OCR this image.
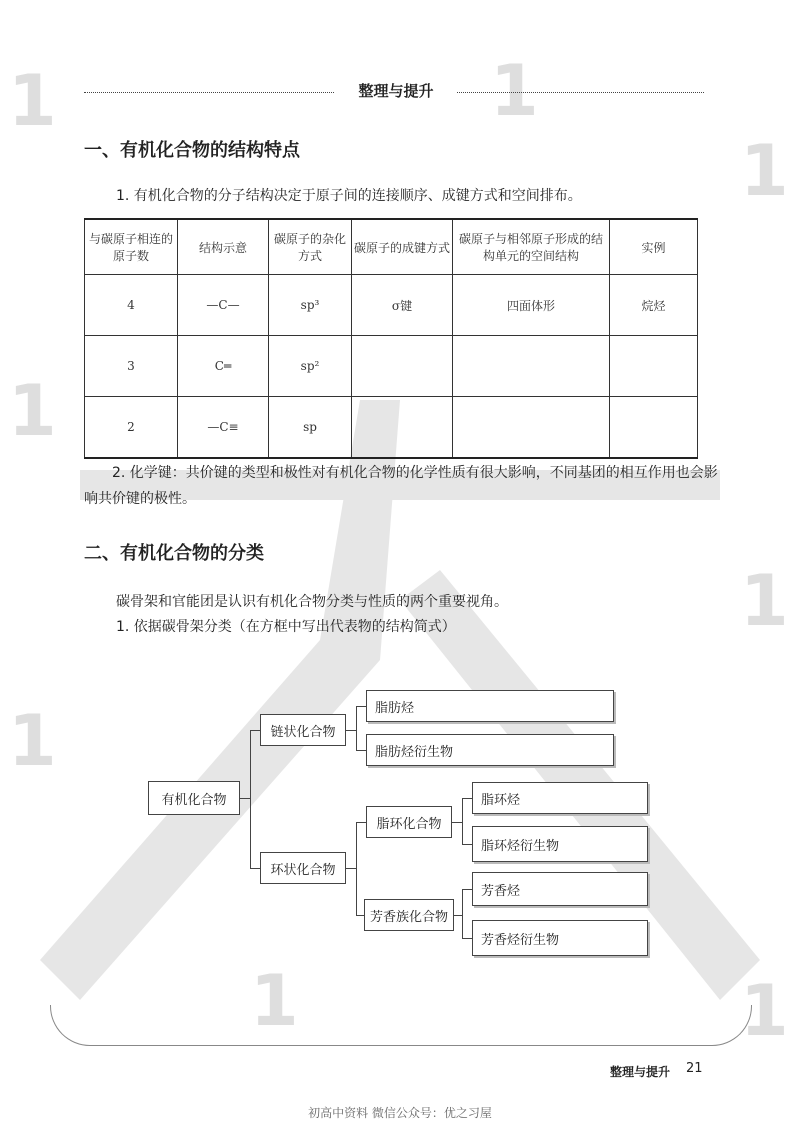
1	1
1
1
1
1
1	1
整理与提升
一、有机化合物的结构特点
1. 有机化合物的分子结构决定于原子间的连接顺序、成键方式和空间排布。
与碳原子相连的原子数	结构示意	碳原子的杂化方式	碳原子的成键方式	碳原子与相邻原子形成的结构单元的空间结构	实例
4	—C—	sp³	σ键	四面体形	烷烃
3	C═	sp²			
2	—C≡	sp			
2. 化学键：共价键的类型和极性对有机化合物的化学性质有很大影响，不同基团的相互作用也会影响共价键的极性。
二、有机化合物的分类
碳骨架和官能团是认识有机化合物分类与性质的两个重要视角。
1. 依据碳骨架分类（在方框中写出代表物的结构简式）
有机化合物
链状化合物
环状化合物
脂肪烃
脂肪烃衍生物
脂环化合物
芳香族化合物
脂环烃
脂环烃衍生物
芳香烃
芳香烃衍生物
整理与提升 21
初高中资料 微信公众号：优之习屋
